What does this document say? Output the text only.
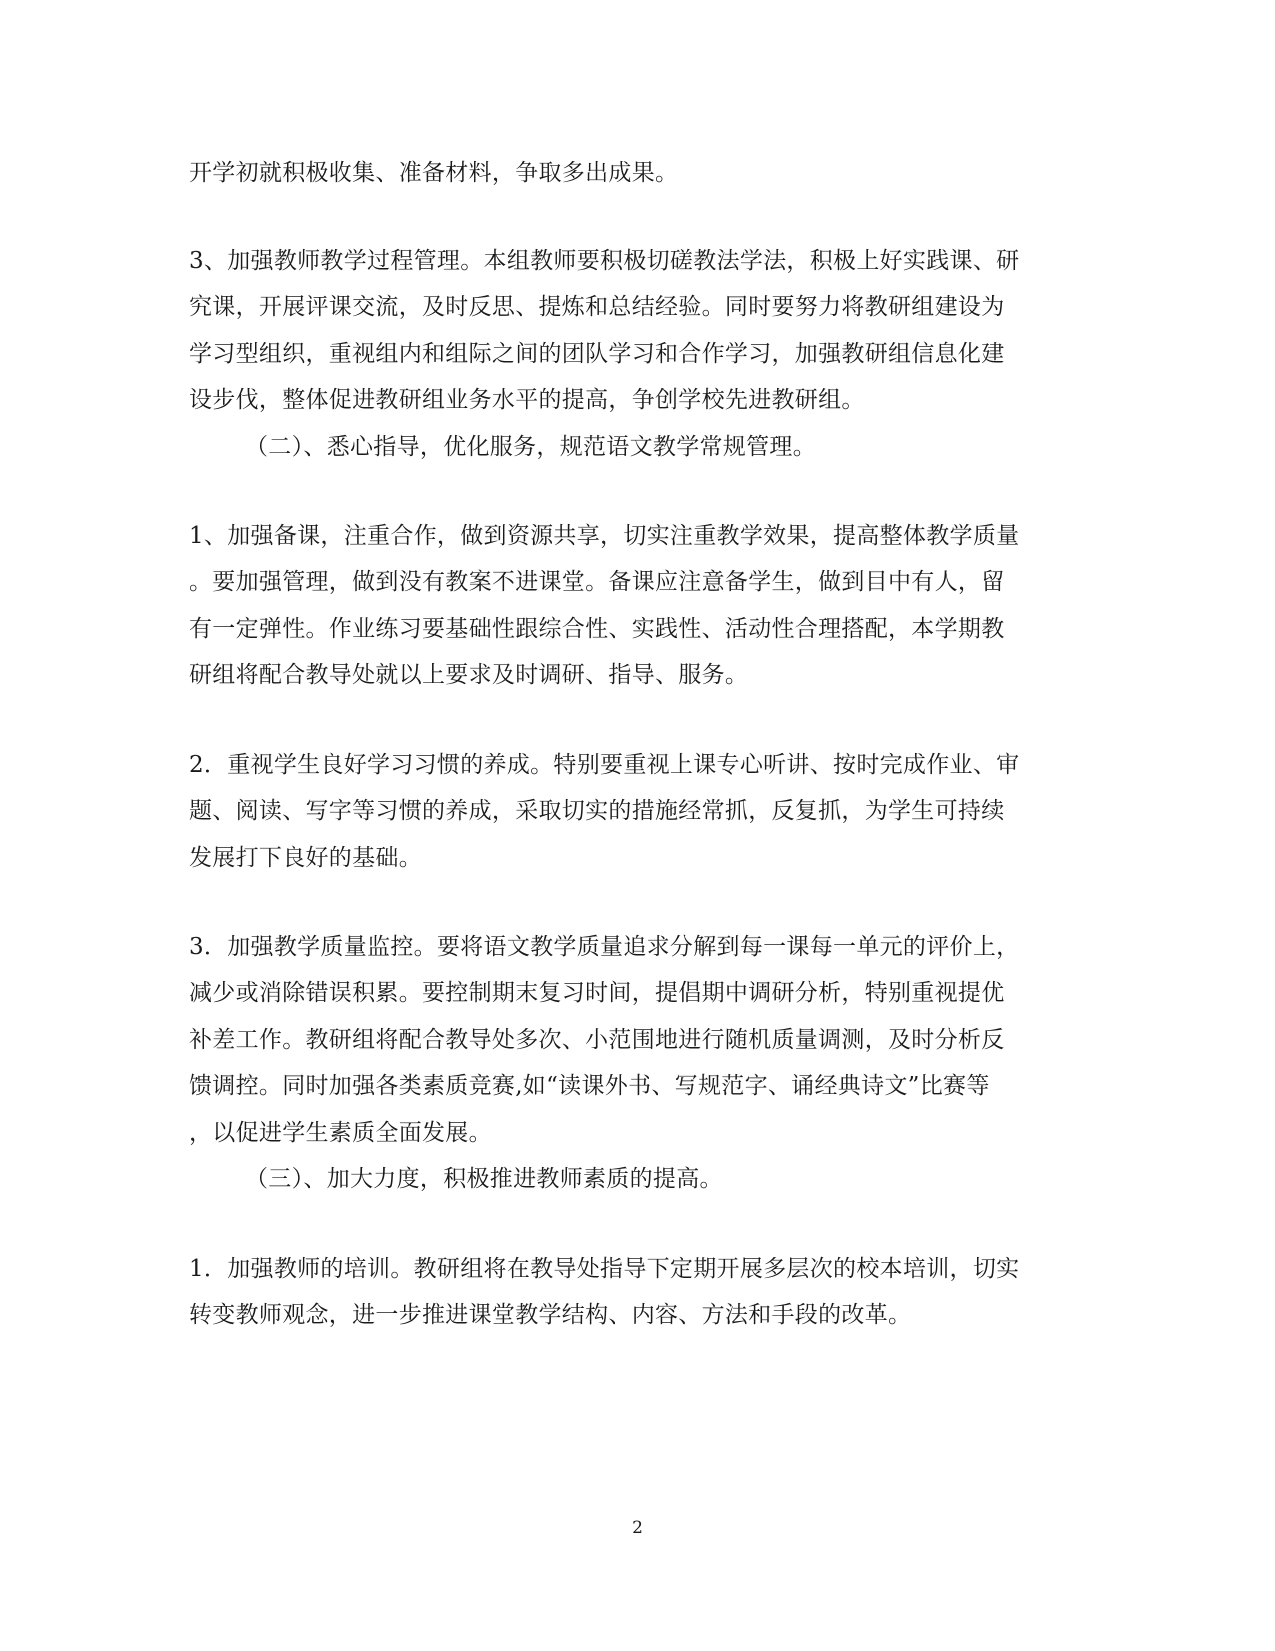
开学初就积极收集、准备材料，争取多出成果。
3、加强教师教学过程管理。本组教师要积极切磋教法学法，积极上好实践课、研
究课，开展评课交流，及时反思、提炼和总结经验。同时要努力将教研组建设为
学习型组织，重视组内和组际之间的团队学习和合作学习，加强教研组信息化建
设步伐，整体促进教研组业务水平的提高，争创学校先进教研组。
（二）、悉心指导，优化服务，规范语文教学常规管理。
1、加强备课，注重合作，做到资源共享，切实注重教学效果，提高整体教学质量
。要加强管理，做到没有教案不进课堂。备课应注意备学生，做到目中有人，留
有一定弹性。作业练习要基础性跟综合性、实践性、活动性合理搭配，本学期教
研组将配合教导处就以上要求及时调研、指导、服务。
2．重视学生良好学习习惯的养成。特别要重视上课专心听讲、按时完成作业、审
题、阅读、写字等习惯的养成，采取切实的措施经常抓，反复抓，为学生可持续
发展打下良好的基础。
3．加强教学质量监控。要将语文教学质量追求分解到每一课每一单元的评价上，
减少或消除错误积累。要控制期末复习时间，提倡期中调研分析，特别重视提优
补差工作。教研组将配合教导处多次、小范围地进行随机质量调测，及时分析反
馈调控。同时加强各类素质竞赛,如“读课外书、写规范字、诵经典诗文”比赛等
，以促进学生素质全面发展。
（三）、加大力度，积极推进教师素质的提高。
1．加强教师的培训。教研组将在教导处指导下定期开展多层次的校本培训，切实
转变教师观念，进一步推进课堂教学结构、内容、方法和手段的改革。
2
